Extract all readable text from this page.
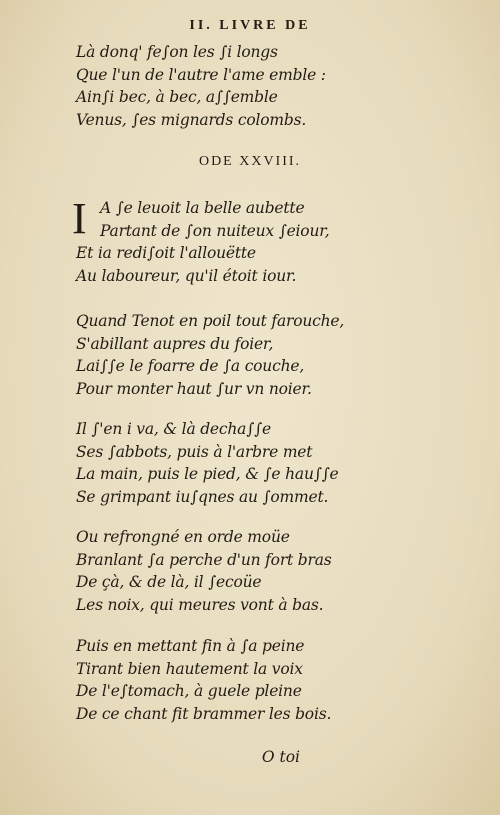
II. LIVRE DE
Là donq' fe∫on les ∫i longs
Que l'un de l'autre l'ame emble :
Ain∫i bec, à bec, a∫∫emble
Venus, ∫es mignards colombs.
ODE XXVIII.
I A ∫e leuoit la belle aubette
Partant de ∫on nuiteux ∫eiour,
Et ia redi∫oit l'allouëtte
Au laboureur, qu'il étoit iour.
Quand Tenot en poil tout farouche,
S'abillant aupres du foier,
Lai∫∫e le foarre de ∫a couche,
Pour monter haut ∫ur vn noier.
Il ∫'en i va, & là decha∫∫e
Ses ∫abbots, puis à l'arbre met
La main, puis le pied, & ∫e hau∫∫e
Se grimpant iu∫qnes au ∫ommet.
Ou refrongné en orde moüe
Branlant ∫a perche d'un fort bras
De çà, & de là, il ∫ecoüe
Les noix, qui meures vont à bas.
Puis en mettant fin à ∫a peine
Tirant bien hautement la voix
De l'e∫tomach, à guele pleine
De ce chant fit brammer les bois.
O toi
